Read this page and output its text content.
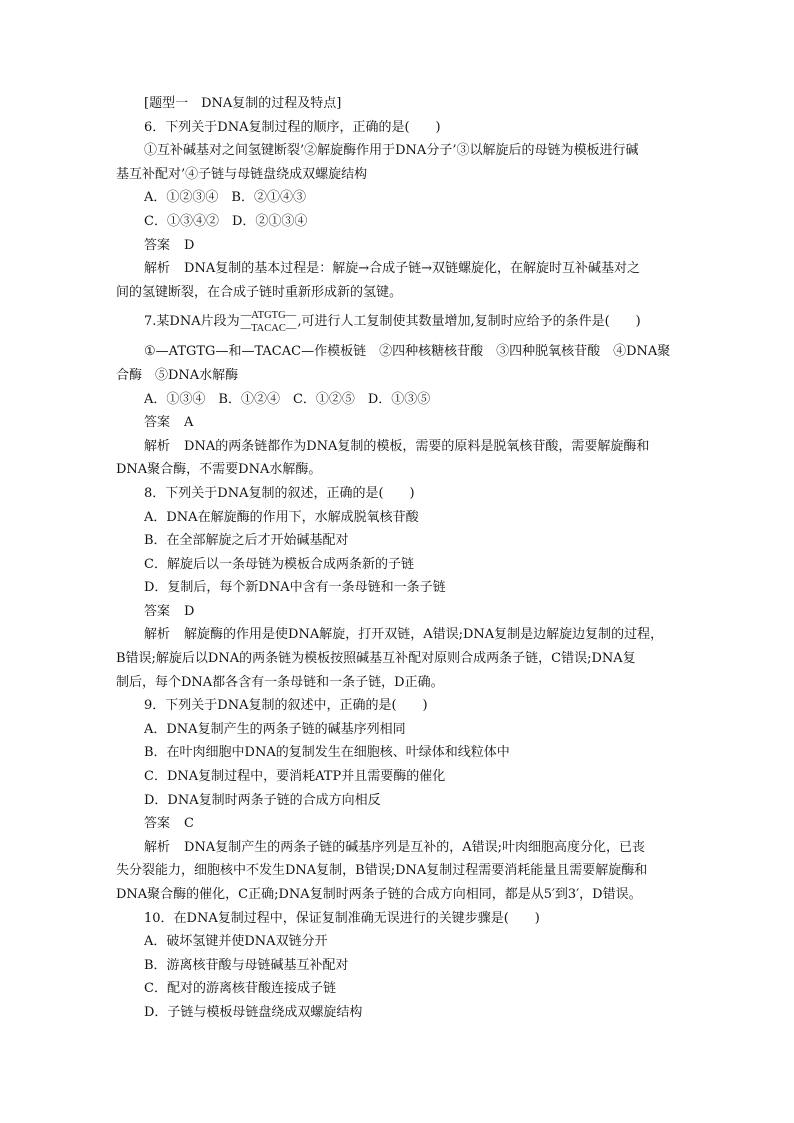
[题型一　DNA复制的过程及特点]
6．下列关于DNA复制过程的顺序，正确的是(　　)
①互补碱基对之间氢键断裂’②解旋酶作用于DNA分子’③以解旋后的母链为模板进行碱
基互补配对’④子链与母链盘绕成双螺旋结构
A．①②③④　B．②①④③
C．①③④②　D．②①③④
答案 D
解析 DNA复制的基本过程是：解旋→合成子链→双链螺旋化，在解旋时互补碱基对之
间的氢键断裂，在合成子链时重新形成新的氢键。
7.某DNA片段为 —ATGTG—
—TACAC— ,可进行人工复制使其数量增加,复制时应给予的条件是(　　)
①—ATGTG—和—TACAC—作模板链　②四种核糖核苷酸　③四种脱氧核苷酸　④DNA聚
合酶　⑤DNA水解酶
A．①③④　B．①②④　C．①②⑤　D．①③⑤
答案 A
解析 DNA的两条链都作为DNA复制的模板，需要的原料是脱氧核苷酸，需要解旋酶和
DNA聚合酶，不需要DNA水解酶。
8．下列关于DNA复制的叙述，正确的是(　　)
A．DNA在解旋酶的作用下，水解成脱氧核苷酸
B．在全部解旋之后才开始碱基配对
C．解旋后以一条母链为模板合成两条新的子链
D．复制后，每个新DNA中含有一条母链和一条子链
答案 D
解析 解旋酶的作用是使DNA解旋，打开双链，A错误;DNA复制是边解旋边复制的过程，
B错误;解旋后以DNA的两条链为模板按照碱基互补配对原则合成两条子链，C错误;DNA复
制后，每个DNA都各含有一条母链和一条子链，D正确。
9．下列关于DNA复制的叙述中，正确的是(　　)
A．DNA复制产生的两条子链的碱基序列相同
B．在叶肉细胞中DNA的复制发生在细胞核、叶绿体和线粒体中
C．DNA复制过程中，要消耗ATP并且需要酶的催化
D．DNA复制时两条子链的合成方向相反
答案 C
解析 DNA复制产生的两条子链的碱基序列是互补的，A错误;叶肉细胞高度分化，已丧
失分裂能力，细胞核中不发生DNA复制，B错误;DNA复制过程需要消耗能量且需要解旋酶和
DNA聚合酶的催化，C正确;DNA复制时两条子链的合成方向相同，都是从5′到3′，D错误。
10．在DNA复制过程中，保证复制准确无误进行的关键步骤是(　　)
A．破坏氢键并使DNA双链分开
B．游离核苷酸与母链碱基互补配对
C．配对的游离核苷酸连接成子链
D．子链与模板母链盘绕成双螺旋结构
